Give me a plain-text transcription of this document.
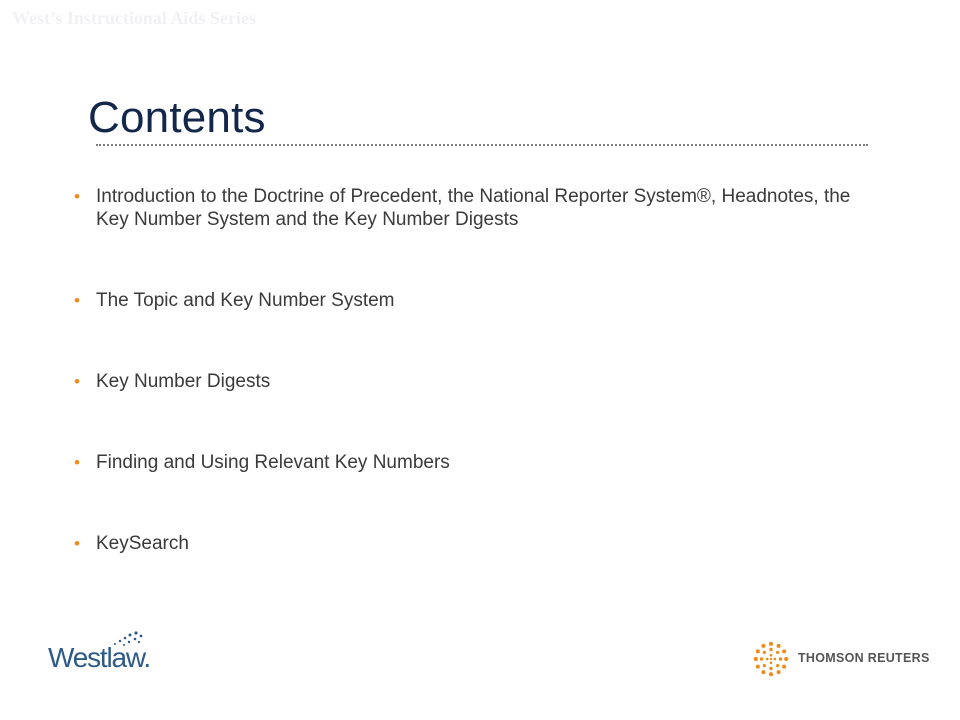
West’s Instructional Aids Series
Contents
• Introduction to the Doctrine of Precedent, the National Reporter System®, Headnotes, the Key Number System and the Key Number Digests
• The Topic and Key Number System
• Key Number Digests
• Finding and Using Relevant Key Numbers
• KeySearch
Westlaw.	THOMSON REUTERS
